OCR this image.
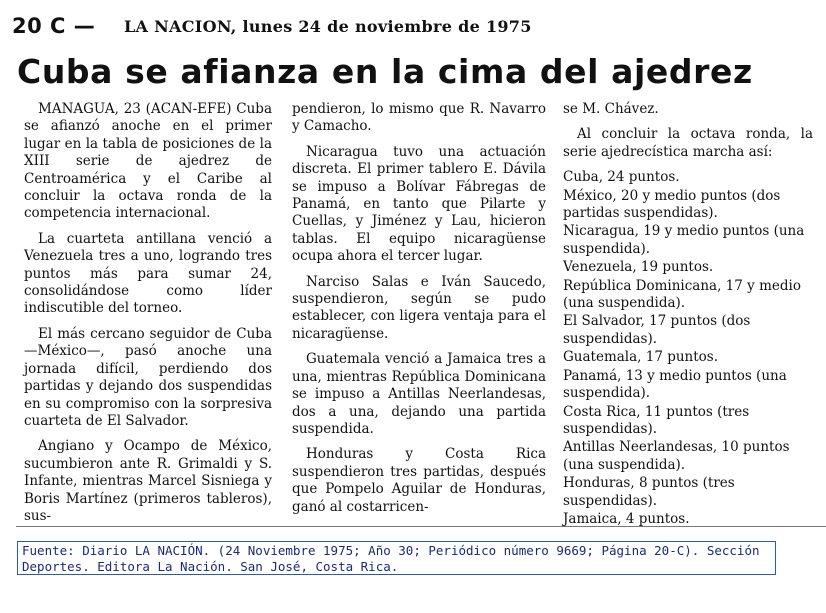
20 C — LA NACION, lunes 24 de noviembre de 1975
Cuba se afianza en la cima del ajedrez

MANAGUA, 23 (ACAN-EFE) Cuba se afianzó anoche en el primer lugar en la tabla de posiciones de la XIII serie de ajedrez de Centroamérica y el Caribe al concluir la octava ronda de la competencia internacional.

La cuarteta antillana venció a Venezuela tres a uno, logrando tres puntos más para sumar 24, consolidándose como líder indiscutible del torneo.

El más cercano seguidor de Cuba —México—, pasó anoche una jornada difícil, perdiendo dos partidas y dejando dos suspendidas en su compromiso con la sorpresiva cuarteta de El Salvador.

Angiano y Ocampo de México, sucumbieron ante R. Grimaldi y S. Infante, mientras Marcel Sisniega y Boris Martínez (primeros tableros), sus-

pendieron, lo mismo que R. Navarro y Camacho.

Nicaragua tuvo una actuación discreta. El primer tablero E. Dávila se impuso a Bolívar Fábregas de Panamá, en tanto que Pilarte y Cuellas, y Jiménez y Lau, hicieron tablas. El equipo nicaragüense ocupa ahora el tercer lugar.

Narciso Salas e Iván Saucedo, suspendieron, según se pudo establecer, con ligera ventaja para el nicaragüense.

Guatemala venció a Jamaica tres a una, mientras República Dominicana se impuso a Antillas Neerlandesas, dos a una, dejando una partida suspendida.

Honduras y Costa Rica suspendieron tres partidas, después que Pompelo Aguilar de Honduras, ganó al costarricen-

se M. Chávez.

Al concluir la octava ronda, la serie ajedrecística marcha así:

Cuba, 24 puntos.
México, 20 y medio puntos (dos partidas suspendidas).
Nicaragua, 19 y medio puntos (una suspendida).
Venezuela, 19 puntos.
República Dominicana, 17 y medio (una suspendida).
El Salvador, 17 puntos (dos suspendidas).
Guatemala, 17 puntos.
Panamá, 13 y medio puntos (una suspendida).
Costa Rica, 11 puntos (tres suspendidas).
Antillas Neerlandesas, 10 puntos (una suspendida).
Honduras, 8 puntos (tres suspendidas).
Jamaica, 4 puntos.
Fuente: Diario LA NACIÓN. (24 Noviembre 1975; Año 30; Periódico número 9669; Página 20-C). Sección Deportes. Editora La Nación. San José, Costa Rica.
